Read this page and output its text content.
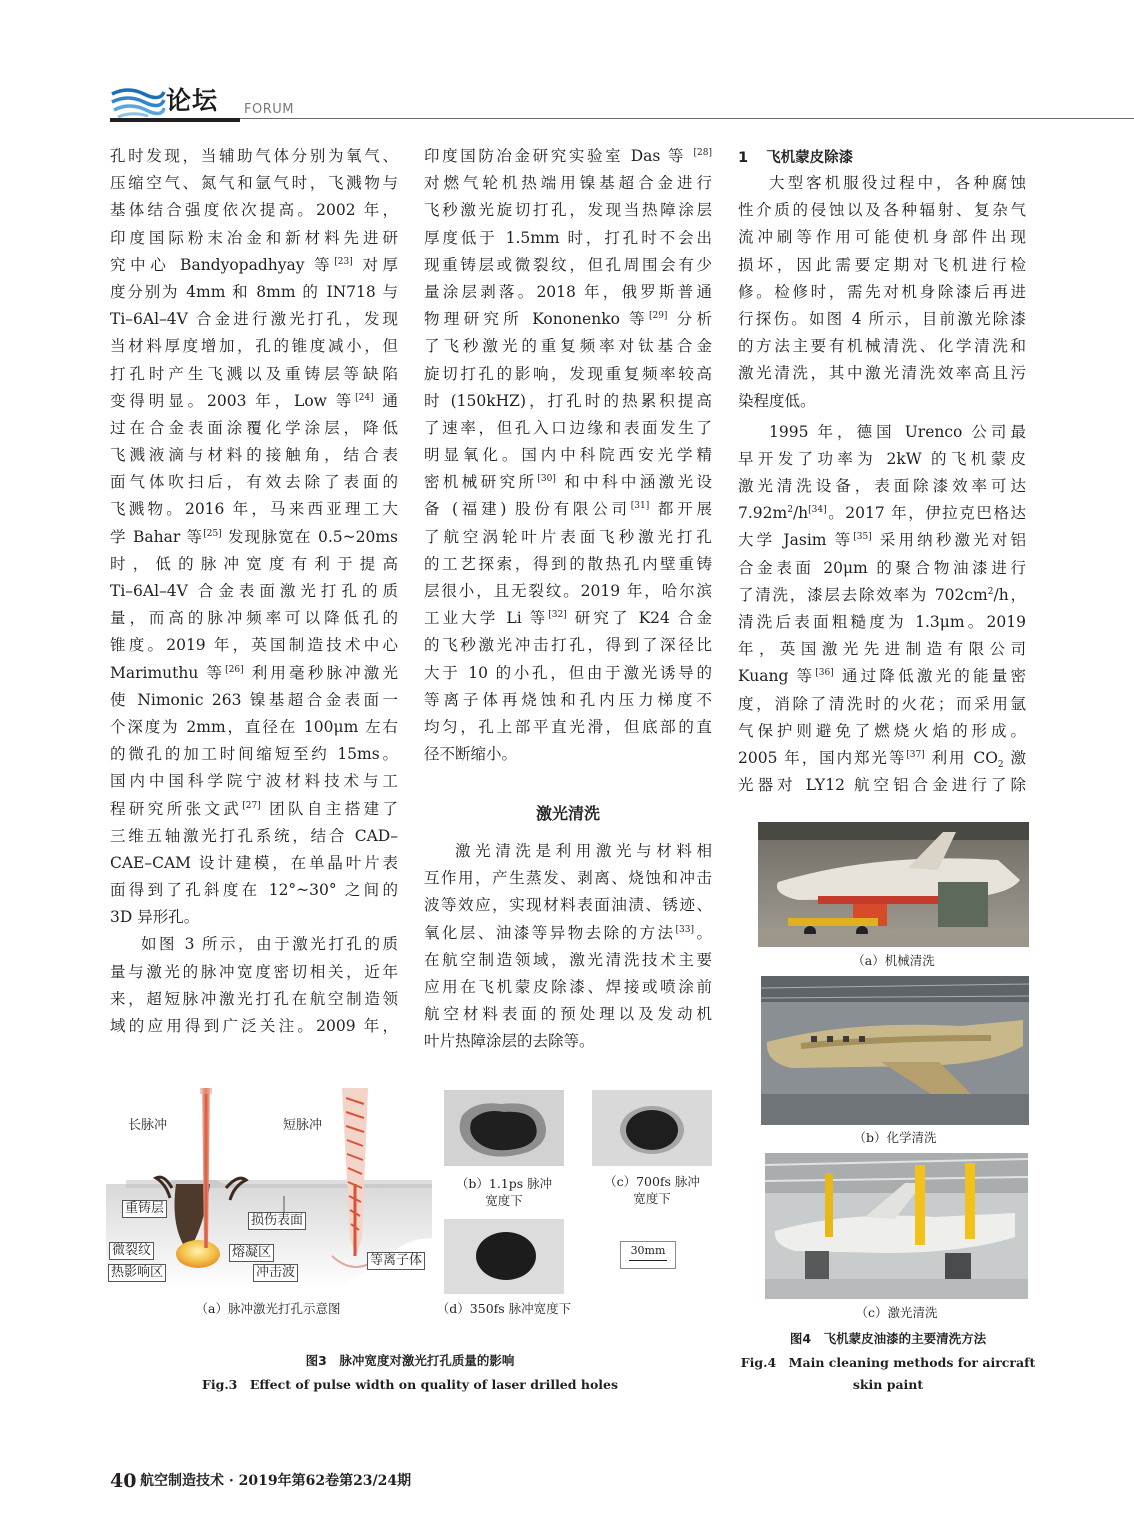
论坛 FORUM
孔时发现，当辅助气体分别为氧气、
压缩空气、氮气和氩气时，飞溅物与
基体结合强度依次提高。2002 年，
印度国际粉末冶金和新材料先进研
究中心 Bandyopadhyay 等[23] 对厚
度分别为 4mm 和 8mm 的 IN718 与
Ti–6Al–4V 合金进行激光打孔，发现
当材料厚度增加，孔的锥度减小，但
打孔时产生飞溅以及重铸层等缺陷
变得明显。2003 年，Low 等[24] 通
过在合金表面涂覆化学涂层，降低
飞溅液滴与材料的接触角，结合表
面气体吹扫后，有效去除了表面的
飞溅物。2016 年，马来西亚理工大
学 Bahar 等[25] 发现脉宽在 0.5~20ms
时，低的脉冲宽度有利于提高
Ti–6Al–4V 合金表面激光打孔的质
量，而高的脉冲频率可以降低孔的
锥度。2019 年，英国制造技术中心
Marimuthu 等[26] 利用毫秒脉冲激光
使 Nimonic 263 镍基超合金表面一
个深度为 2mm，直径在 100μm 左右
的微孔的加工时间缩短至约 15ms。
国内中国科学院宁波材料技术与工
程研究所张文武[27] 团队自主搭建了
三维五轴激光打孔系统，结合 CAD–
CAE–CAM 设计建模，在单晶叶片表
面得到了孔斜度在 12°~30° 之间的
3D 异形孔。
如图 3 所示，由于激光打孔的质
量与激光的脉冲宽度密切相关，近年
来，超短脉冲激光打孔在航空制造领
域的应用得到广泛关注。2009 年，
印度国防冶金研究实验室 Das 等 [28]
对燃气轮机热端用镍基超合金进行
飞秒激光旋切打孔，发现当热障涂层
厚度低于 1.5mm 时，打孔时不会出
现重铸层或微裂纹，但孔周围会有少
量涂层剥落。2018 年，俄罗斯普通
物理研究所 Kononenko 等[29] 分析
了飞秒激光的重复频率对钛基合金
旋切打孔的影响，发现重复频率较高
时 (150kHZ)，打孔时的热累积提高
了速率，但孔入口边缘和表面发生了
明显氧化。国内中科院西安光学精
密机械研究所[30] 和中科中涵激光设
备 (福建) 股份有限公司[31] 都开展
了航空涡轮叶片表面飞秒激光打孔
的工艺探索，得到的散热孔内壁重铸
层很小，且无裂纹。2019 年，哈尔滨
工业大学 Li 等[32] 研究了 K24 合金
的飞秒激光冲击打孔，得到了深径比
大于 10 的小孔，但由于激光诱导的
等离子体再烧蚀和孔内压力梯度不
均匀，孔上部平直光滑，但底部的直
径不断缩小。
激光清洗
激光清洗是利用激光与材料相
互作用，产生蒸发、剥离、烧蚀和冲击
波等效应，实现材料表面油渍、锈迹、
氧化层、油漆等异物去除的方法[33]。
在航空制造领域，激光清洗技术主要
应用在飞机蒙皮除漆、焊接或喷涂前
航空材料表面的预处理以及发动机
叶片热障涂层的去除等。
1 飞机蒙皮除漆
大型客机服役过程中，各种腐蚀
性介质的侵蚀以及各种辐射、复杂气
流冲刷等作用可能使机身部件出现
损坏，因此需要定期对飞机进行检
修。检修时，需先对机身除漆后再进
行探伤。如图 4 所示，目前激光除漆
的方法主要有机械清洗、化学清洗和
激光清洗，其中激光清洗效率高且污
染程度低。
1995 年，德国 Urenco 公司最
早开发了功率为 2kW 的飞机蒙皮
激光清洗设备，表面除漆效率可达
$7.92m^2/h[34]$。2017 年，伊拉克巴格达
大学 Jasim 等[35] 采用纳秒激光对铝
合金表面 20μm 的聚合物油漆进行
了清洗，漆层去除效率为 $702cm^2/h$，
清洗后表面粗糙度为 1.3μm。2019
年，英国激光先进制造有限公司
Kuang 等[36] 通过降低激光的能量密
度，消除了清洗时的火花；而采用氩
气保护则避免了燃烧火焰的形成。
2005 年，国内郑光等[37] 利用 $CO_2$ 激
光器对 LY12 航空铝合金进行了除
（a）机械清洗
（b）化学清洗
（c）激光清洗
图4　飞机蒙皮油漆的主要清洗方法
Fig.4　Main cleaning methods for aircraft
skin paint
长脉冲	短脉冲
重铸层
损伤表面
微裂纹	熔凝区
热影响区	冲击波
等离子体
（a）脉冲激光打孔示意图
（b）1.1ps 脉冲
宽度下
（c）700fs 脉冲
宽度下
（d）350fs 脉冲宽度下
30mm
图3　脉冲宽度对激光打孔质量的影响
Fig.3　Effect of pulse width on quality of laser drilled holes
40 航空制造技术 · 2019年第62卷第23/24期
